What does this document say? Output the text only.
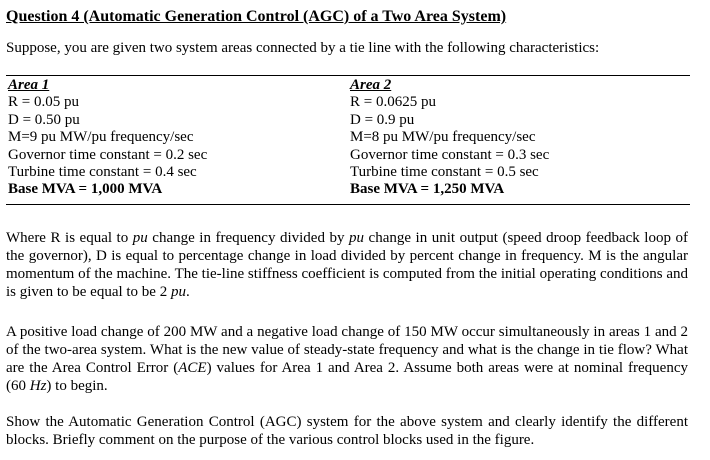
Question 4 (Automatic Generation Control (AGC) of a Two Area System)
Suppose, you are given two system areas connected by a tie line with the following characteristics:
Area 1
R = 0.05 pu
D = 0.50 pu
M=9 pu MW/pu frequency/sec
Governor time constant = 0.2 sec
Turbine time constant = 0.4 sec
Base MVA = 1,000 MVA
Area 2
R = 0.0625 pu
D = 0.9 pu
M=8 pu MW/pu frequency/sec
Governor time constant = 0.3 sec
Turbine time constant = 0.5 sec
Base MVA = 1,250 MVA
Where R is equal to pu change in frequency divided by pu change in unit output (speed droop feedback loop of the governor), D is equal to percentage change in load divided by percent change in frequency. M is the angular momentum of the machine. The tie-line stiffness coefficient is computed from the initial operating conditions and is given to be equal to be 2 pu.
A positive load change of 200 MW and a negative load change of 150 MW occur simultaneously in areas 1 and 2 of the two-area system. What is the new value of steady-state frequency and what is the change in tie flow? What are the Area Control Error (ACE) values for Area 1 and Area 2. Assume both areas were at nominal frequency (60 Hz) to begin.
Show the Automatic Generation Control (AGC) system for the above system and clearly identify the different blocks. Briefly comment on the purpose of the various control blocks used in the figure.
